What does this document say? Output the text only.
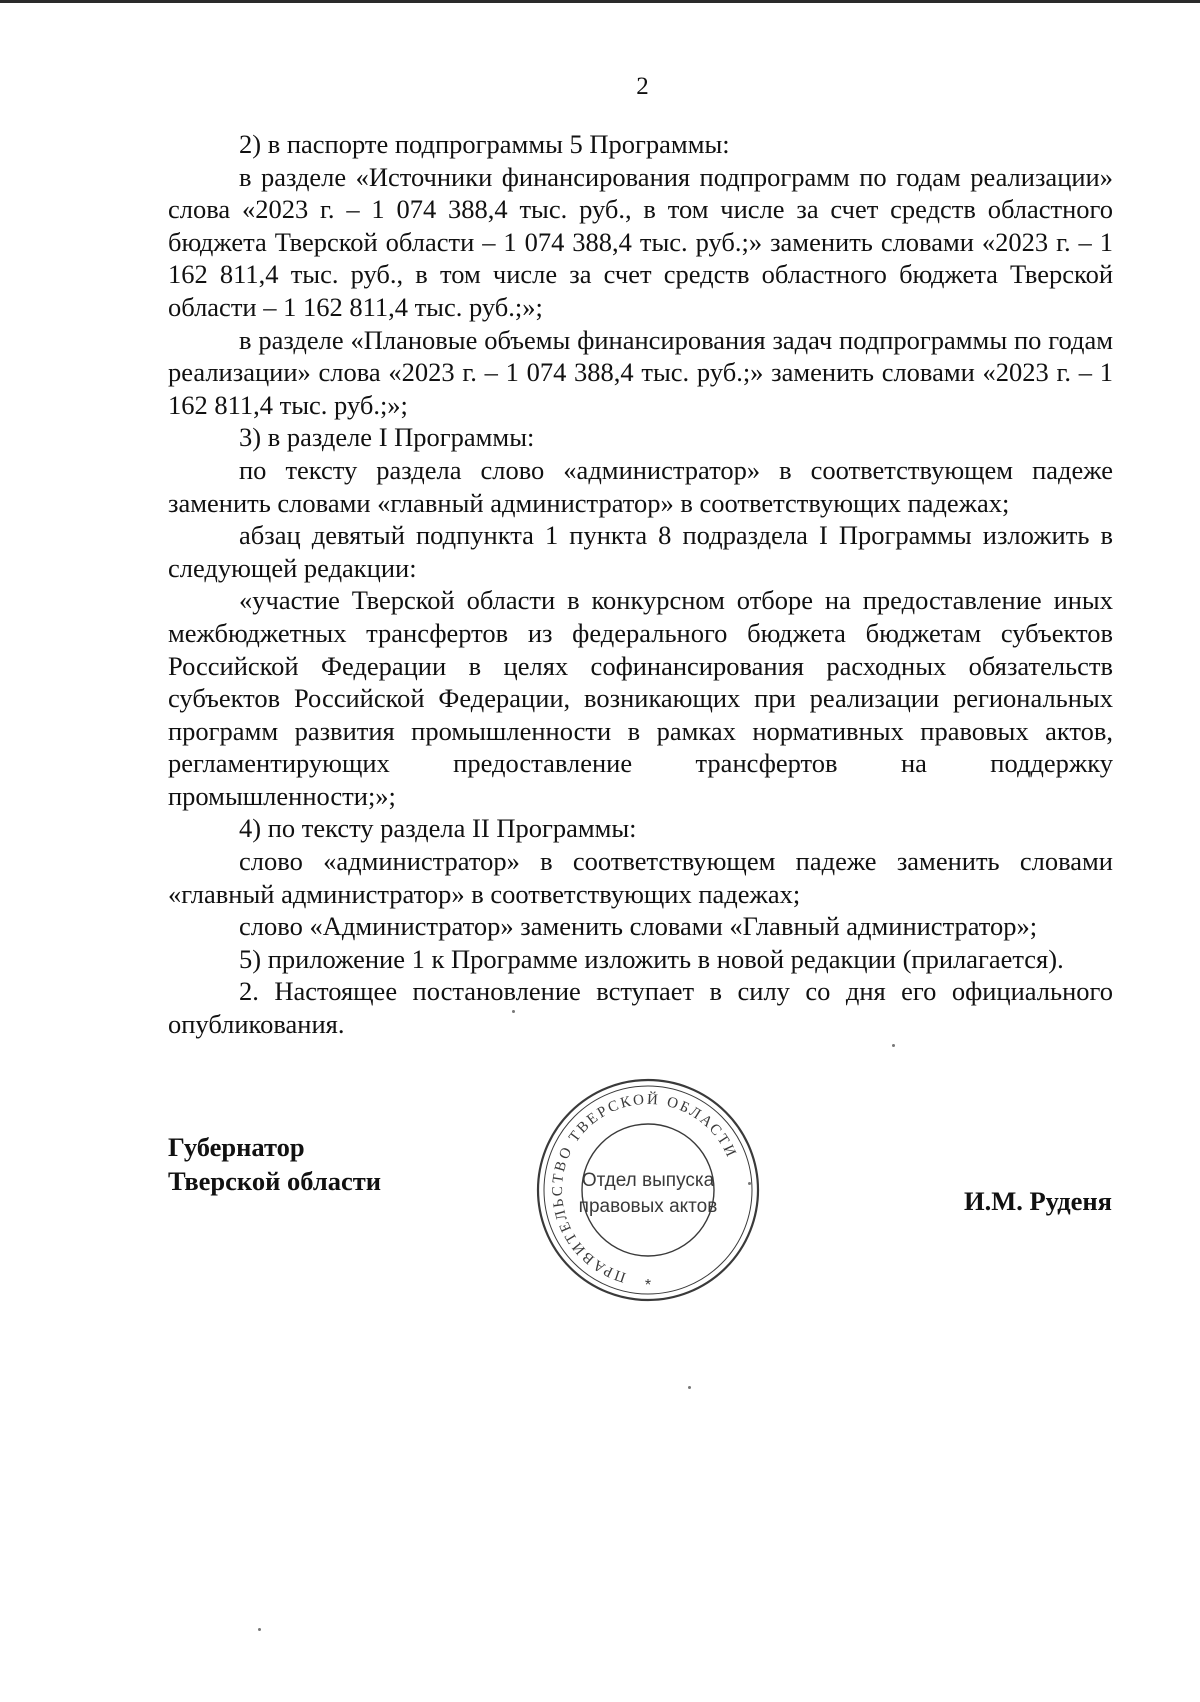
2

2) в паспорте подпрограммы 5 Программы:

в разделе «Источники финансирования подпрограмм по годам реализации» слова «2023 г. – 1 074 388,4 тыс. руб., в том числе за счет средств областного бюджета Тверской области – 1 074 388,4 тыс. руб.;» заменить словами «2023 г. – 1 162 811,4 тыс. руб., в том числе за счет средств областного бюджета Тверской области – 1 162 811,4 тыс. руб.;»;

в разделе «Плановые объемы финансирования задач подпрограммы по годам реализации» слова «2023 г. – 1 074 388,4 тыс. руб.;» заменить словами «2023 г. – 1 162 811,4 тыс. руб.;»;

3) в разделе I Программы:

по тексту раздела слово «администратор» в соответствующем падеже заменить словами «главный администратор» в соответствующих падежах;

абзац девятый подпункта 1 пункта 8 подраздела I Программы изложить в следующей редакции:

«участие Тверской области в конкурсном отборе на предоставление иных межбюджетных трансфертов из федерального бюджета бюджетам субъектов Российской Федерации в целях софинансирования расходных обязательств субъектов Российской Федерации, возникающих при реализации региональных программ развития промышленности в рамках нормативных правовых актов, регламентирующих предоставление трансфертов на поддержку промышленности;»;

4) по тексту раздела II Программы:

слово «администратор» в соответствующем падеже заменить словами «главный администратор» в соответствующих падежах;

слово «Администратор» заменить словами «Главный администратор»;

5) приложение 1 к Программе изложить в новой редакции (прилагается).

2. Настоящее постановление вступает в силу со дня его официального опубликования.

Губернатор
Тверской области
И.М. Руденя
ПРАВИТЕЛЬСТВО ТВЕРСКОЙ ОБЛАСТИ
Отдел выпуска
правовых актов
*
